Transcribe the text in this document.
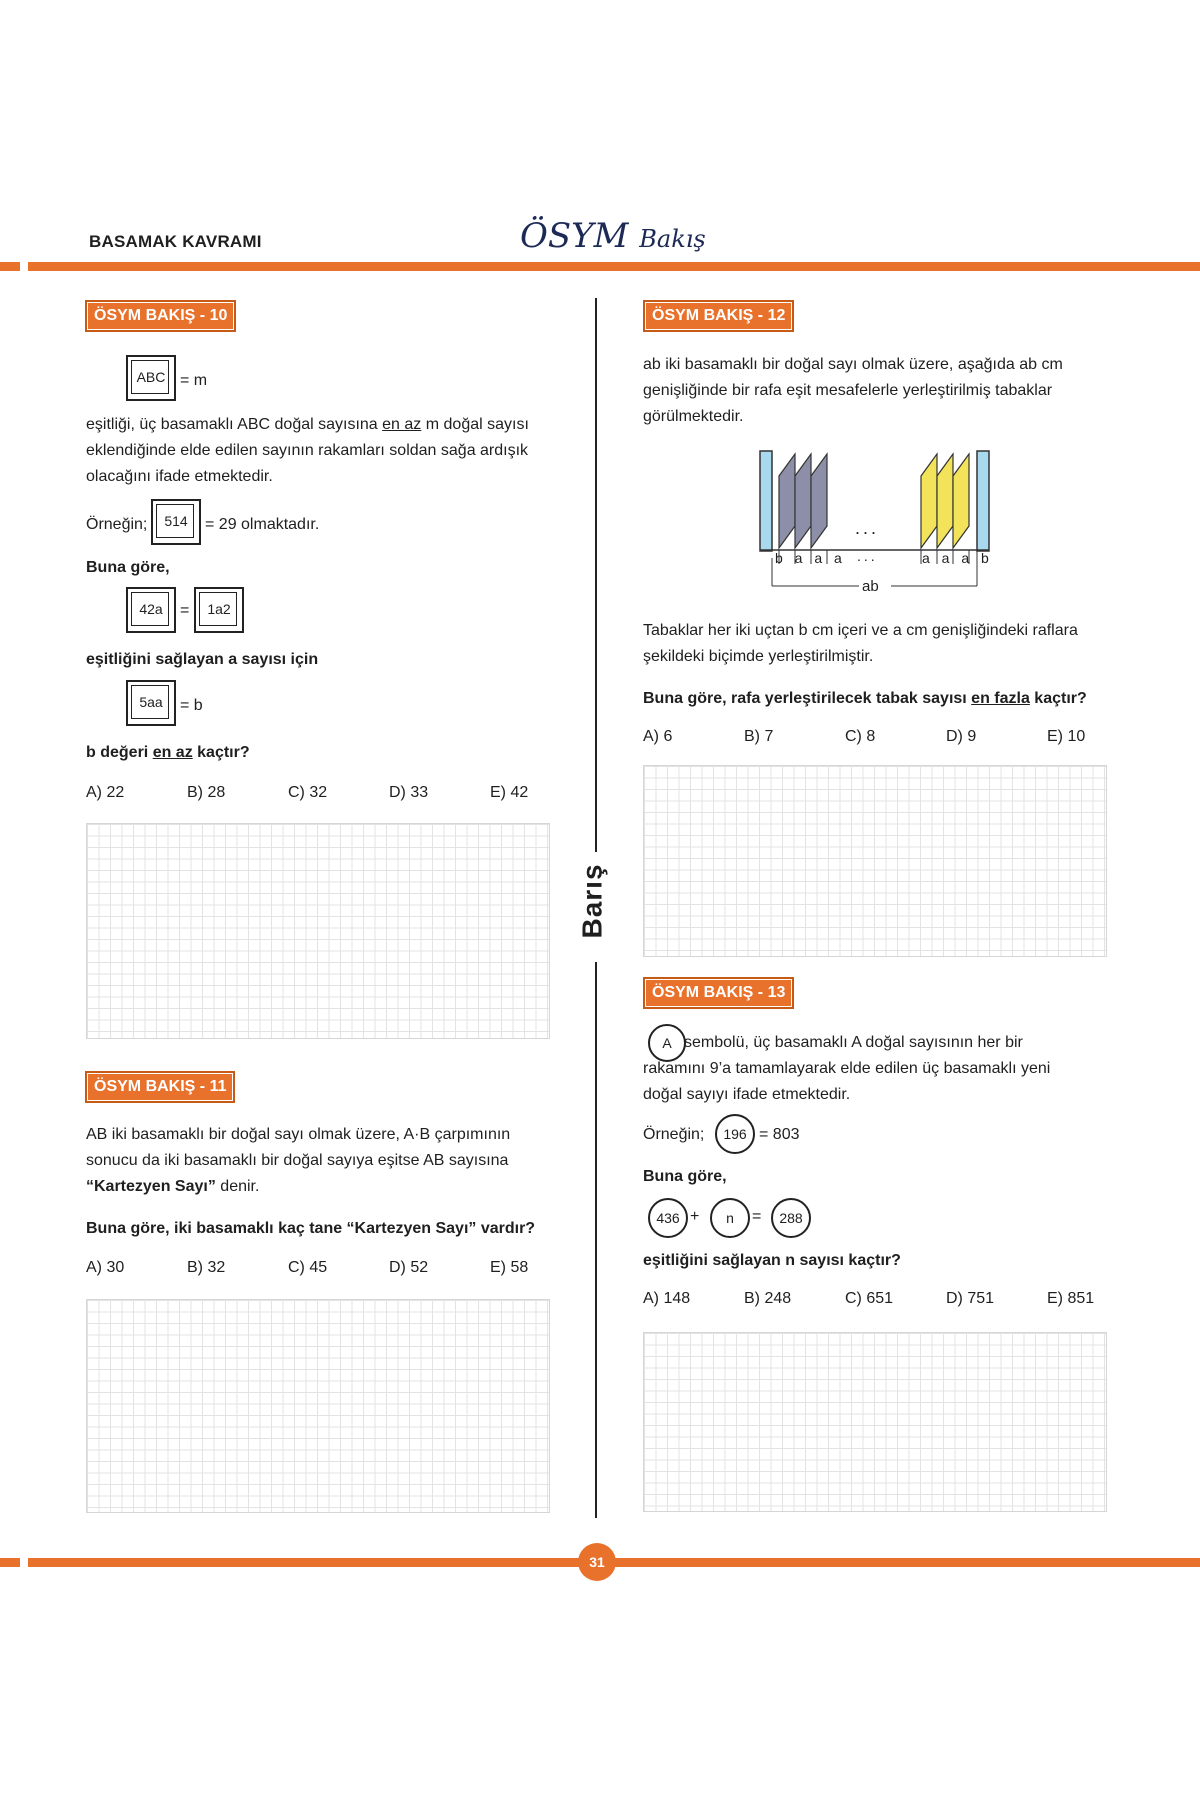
BASAMAK KAVRAMI	ÖSYM Bakış
Barış
ÖSYM BAKIŞ - 10
ABC = m
eşitliği, üç basamaklı ABC doğal sayısına en az m doğal sayısı
eklendiğinde elde edilen sayının rakamları soldan sağa ardışık
olacağını ifade etmektedir.
Örneğin;	514	= 29 olmaktadır.
Buna göre,
42a	=	1a2
eşitliğini sağlayan a sayısı için
5aa	= b
b değeri en az kaçtır?
A) 22	B) 28	C) 32	D) 33	E) 42
ÖSYM BAKIŞ - 11
AB iki basamaklı bir doğal sayı olmak üzere, A·B çarpımının
sonucu da iki basamaklı bir doğal sayıya eşitse AB sayısına
“Kartezyen Sayı” denir.
Buna göre, iki basamaklı kaç tane “Kartezyen Sayı” vardır?
A) 30	B) 32	C) 45	D) 52	E) 58
ÖSYM BAKIŞ - 12
ab iki basamaklı bir doğal sayı olmak üzere, aşağıda ab cm
genişliğinde bir rafa eşit mesafelerle yerleştirilmiş tabaklar
görülmektedir.
b a a a
...
...	a a a b
ab
Tabaklar her iki uçtan b cm içeri ve a cm genişliğindeki raflara
şekildeki biçimde yerleştirilmiştir.
Buna göre, rafa yerleştirilecek tabak sayısı en fazla kaçtır?
A) 6	B) 7	C) 8	D) 9	E) 10
ÖSYM BAKIŞ - 13
A sembolü, üç basamaklı A doğal sayısının her bir
rakamını 9’a tamamlayarak elde edilen üç basamaklı yeni
doğal sayıyı ifade etmektedir.
Örneğin;	196 = 803
Buna göre,
436 +	n	=	288
eşitliğini sağlayan n sayısı kaçtır?
A) 148	B) 248	C) 651	D) 751	E) 851
31
